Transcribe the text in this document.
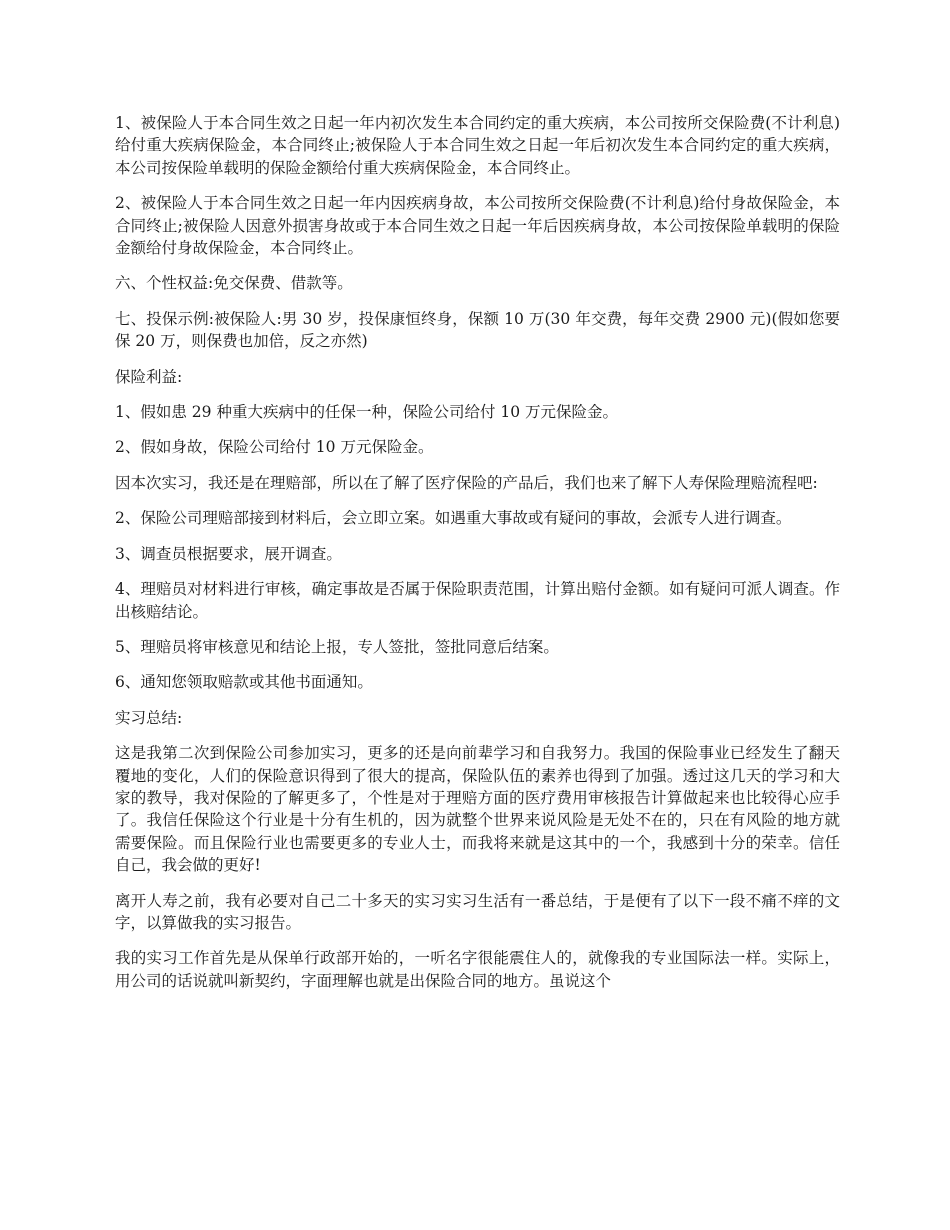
1、被保险人于本合同生效之日起一年内初次发生本合同约定的重大疾病，本公司按所交保险费(不计利息)给付重大疾病保险金，本合同终止;被保险人于本合同生效之日起一年后初次发生本合同约定的重大疾病，本公司按保险单载明的保险金额给付重大疾病保险金，本合同终止。

2、被保险人于本合同生效之日起一年内因疾病身故，本公司按所交保险费(不计利息)给付身故保险金，本合同终止;被保险人因意外损害身故或于本合同生效之日起一年后因疾病身故，本公司按保险单载明的保险金额给付身故保险金，本合同终止。

六、个性权益:免交保费、借款等。

七、投保示例:被保险人:男 30 岁，投保康恒终身，保额 10 万(30 年交费，每年交费 2900 元)(假如您要保 20 万，则保费也加倍，反之亦然)

保险利益:

1、假如患 29 种重大疾病中的任保一种，保险公司给付 10 万元保险金。

2、假如身故，保险公司给付 10 万元保险金。

因本次实习，我还是在理赔部，所以在了解了医疗保险的产品后，我们也来了解下人寿保险理赔流程吧:

2、保险公司理赔部接到材料后，会立即立案。如遇重大事故或有疑问的事故，会派专人进行调查。

3、调查员根据要求，展开调查。

4、理赔员对材料进行审核，确定事故是否属于保险职责范围，计算出赔付金额。如有疑问可派人调查。作出核赔结论。

5、理赔员将审核意见和结论上报，专人签批，签批同意后结案。

6、通知您领取赔款或其他书面通知。

实习总结:

这是我第二次到保险公司参加实习，更多的还是向前辈学习和自我努力。我国的保险事业已经发生了翻天覆地的变化，人们的保险意识得到了很大的提高，保险队伍的素养也得到了加强。透过这几天的学习和大家的教导，我对保险的了解更多了，个性是对于理赔方面的医疗费用审核报告计算做起来也比较得心应手了。我信任保险这个行业是十分有生机的，因为就整个世界来说风险是无处不在的，只在有风险的地方就需要保险。而且保险行业也需要更多的专业人士，而我将来就是这其中的一个，我感到十分的荣幸。信任自己，我会做的更好!

离开人寿之前，我有必要对自己二十多天的实习实习生活有一番总结，于是便有了以下一段不痛不痒的文字，以算做我的实习报告。

我的实习工作首先是从保单行政部开始的，一听名字很能震住人的，就像我的专业国际法一样。实际上，用公司的话说就叫新契约，字面理解也就是出保险合同的地方。虽说这个
